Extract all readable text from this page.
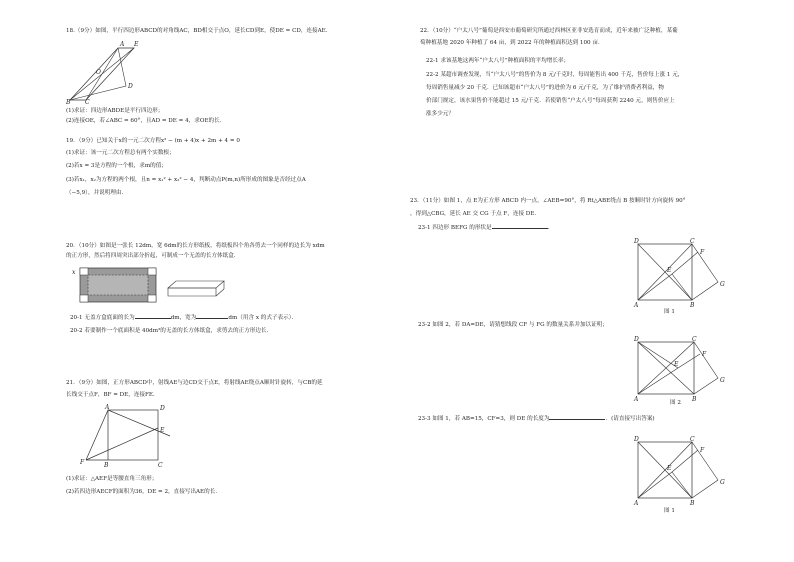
18.（9分）如图，平行四边形ABCD的对角线AC，BD相交于点O，延长CD到E，使DE = CD，连接AE．
B C
E
A
D
O
(1)求证：四边形ABDE是平行四边形；
(2)连接OE，若∠ABC = 60°，且AD = DE = 4，求OE的长．
19．（9分）已知关于x的一元二次方程x² − (m + 4)x + 2m + 4 = 0
(1)求证：该一元二次方程总有两个实数根；
(2)若x = 3是方程的一个根，求m的值；
(3)若x₁，x₂为方程的两个根，且n = x₁² + x₂² − 4，判断动点P(m,n)所形成的图象是否经过点A
（−5,9），并说明理由．
20．（10分）如图是一张长 12dm，宽 6dm的长方形纸板，将纸板四个角各剪去一个同样的边长为 xdm
的正方形，然后将四周突出部分折起，可制成一个无盖的长方体纸盒．
x
20-1 无盖方盒底面的长为	dm，宽为	dm（用含 x 的式子表示）．
20-2 若要制作一个底面积是 40dm²的无盖的长方体纸盒，求剪去的正方形边长．
21．（9分）如图，正方形ABCD中，射线AE与边CD交于点E，将射线AE绕点A顺时针旋转，与CB的延
长线交于点F，BF = DE，连接FE．
A	D
E
F	B	C
(1)求证：△AEF是等腰直角三角形；
(2)若四边形AECF的面积为36，DE = 2，直接写出AE的长．
22．（10分）“户太八号”葡萄是西安市葡萄研究所通过西林区亚非安选育而成，近年来被广泛种植，某葡
萄种植基地 2020 年种植了 64 亩，到 2022 年的种植面积达到 100 亩．
22-1 求该基地这两年“户太八号”种植面积的平均增长率；
22-2 某超市调查发现，当“户太八号”的售价为 8 元/千克时，每周能售出 400 千克，售价每上涨 1 元，
每周销售量减少 20 千克．已知该超市“户太八号”的进价为 6 元/千克，为了维护消费者利益，物
价部门规定，该水果售价不能超过 15 元/千克．若使销售“户太八号”每周获利 2240 元，则售价应上
涨多少元？
23．（11分）如图 1，点 E为正方形 ABCD 内一点，∠AEB=90°，将 Rt△ABE绕点 B 按顺时针方向旋转 90°
，得到△CBG，延长 AE 交 CG 于点 F，连接 DE．
23-1 四边形 BEFG 的形状是	．
D	C
F
G
E
A	B
图 1
23-2 如图 2，若 DA=DE，请猜想线段 CF 与 FG 的数量关系并加以证明；
D	C
F
G
E
A	B
图 2
23-3 如图 1，若 AB=15，CF=3，则 DE 的长度为	．(请直接写出答案)
D	C
F
G
E
A	B
图 1
